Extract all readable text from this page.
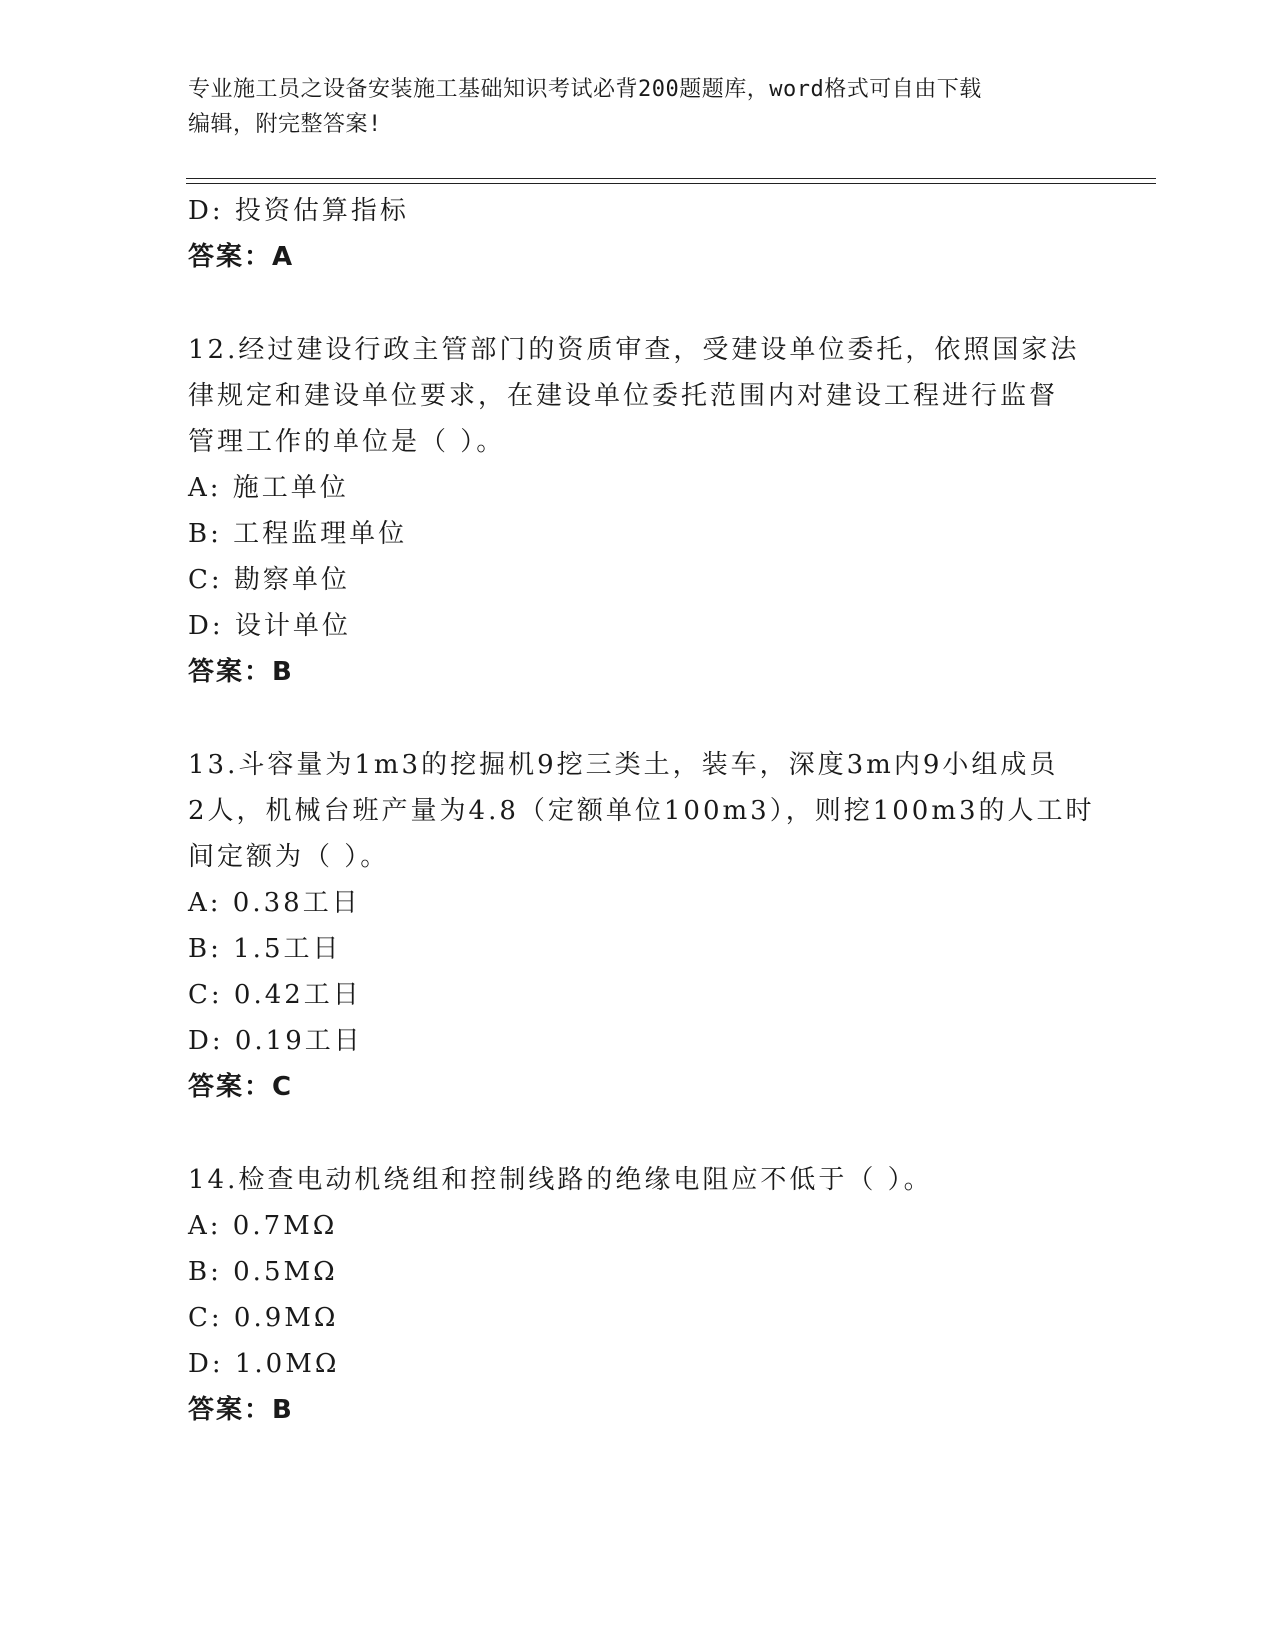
专业施工员之设备安装施工基础知识考试必背200题题库，word格式可自由下载
编辑，附完整答案!
D: 投资估算指标
答案：A
12.经过建设行政主管部门的资质审查，受建设单位委托，依照国家法
律规定和建设单位要求，在建设单位委托范围内对建设工程进行监督
管理工作的单位是（ ）。
A: 施工单位
B: 工程监理单位
C: 勘察单位
D: 设计单位
答案：B
13.斗容量为1m3的挖掘机9挖三类土，装车，深度3m内9小组成员
2人，机械台班产量为4.8（定额单位100m3），则挖100m3的人工时
间定额为（ ）。
A: 0.38工日
B: 1.5工日
C: 0.42工日
D: 0.19工日
答案：C
14.检查电动机绕组和控制线路的绝缘电阻应不低于（ ）。
A: 0.7MΩ
B: 0.5MΩ
C: 0.9MΩ
D: 1.0MΩ
答案：B
